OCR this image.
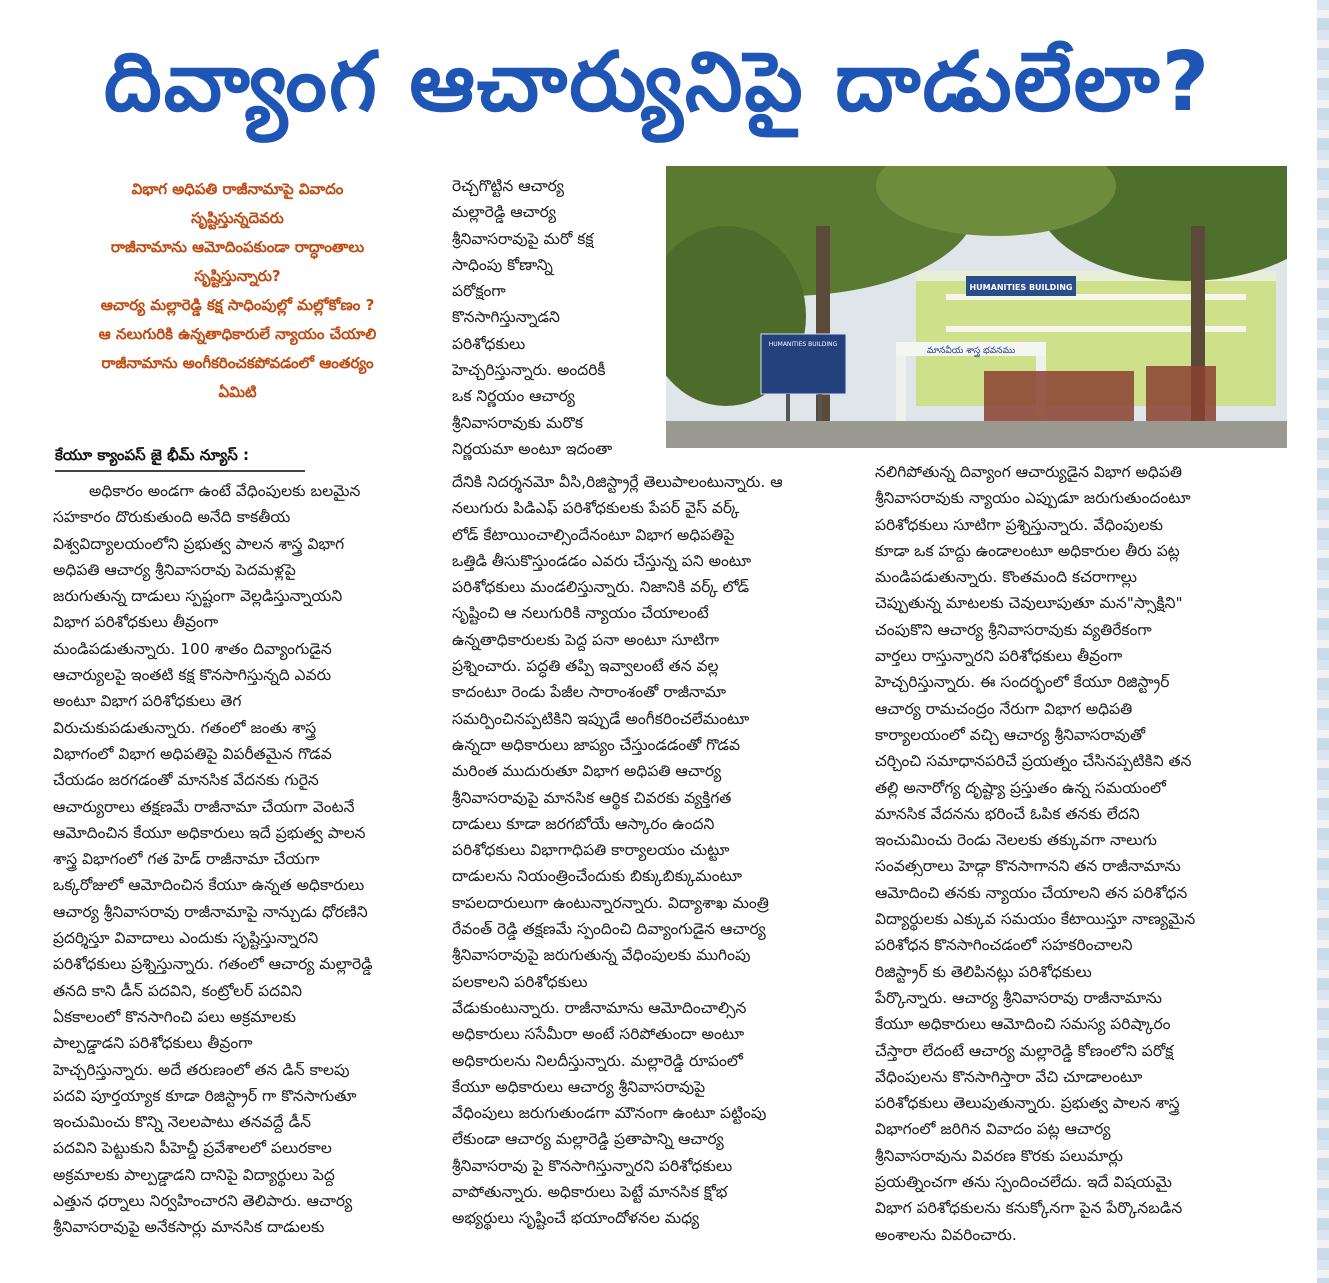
దివ్యాంగ ఆచార్యునిపై దాడులేలా?
విభాగ అధిపతి రాజీనామాపై వివాదం
సృష్టిస్తున్నదెవరు
రాజీనామాను ఆమోదింపకుండా రాద్ధాంతాలు
సృష్టిస్తున్నారు?
ఆచార్య మల్లారెడ్డి కక్ష సాధింపుల్లో మల్లోకోణం ?
ఆ నలుగురికి ఉన్నతాధికారులే న్యాయం చేయాలి
రాజీనామాను అంగీకరించకపోవడంలో ఆంతర్యం
ఏమిటి
కేయూ క్యాంపస్ జై భీమ్ న్యూస్ :
HUMANITIES BUILDING
HUMANITIES BUILDING
మానవీయ శాస్త్ర భవనము
అధికారం అండగా ఉంటే వేధింపులకు బలమైన
సహకారం దొరుకుతుంది అనేది కాకతీయ
విశ్వవిద్యాలయంలోని ప్రభుత్వ పాలన శాస్త్ర విభాగ
అధిపతి ఆచార్య శ్రీనివాసరావు పెదమళ్లపై
జరుగుతున్న దాడులు స్పష్టంగా వెల్లడిస్తున్నాయని
విభాగ పరిశోధకులు తీవ్రంగా
మండిపడుతున్నారు. 100 శాతం దివ్యాంగుడైన
ఆచార్యులపై ఇంతటి కక్ష కొనసాగిస్తున్నది ఎవరు
అంటూ విభాగ పరిశోధకులు తెగ
విరుచుకుపడుతున్నారు. గతంలో జంతు శాస్త్ర
విభాగంలో విభాగ అధిపతిపై విపరీతమైన గొడవ
చేయడం జరగడంతో మానసిక వేదనకు గురైన
ఆచార్యురాలు తక్షణమే రాజీనామా చేయగా వెంటనే
ఆమోదించిన కేయూ అధికారులు ఇదే ప్రభుత్వ పాలన
శాస్త్ర విభాగంలో గత హెడ్ రాజీనామా చేయగా
ఒక్కరోజులో ఆమోదించిన కేయూ ఉన్నత అధికారులు
ఆచార్య శ్రీనివాసరావు రాజీనామాపై నాన్చుడు ధోరణిని
ప్రదర్శిస్తూ వివాదాలు ఎందుకు సృష్టిస్తున్నారని
పరిశోధకులు ప్రశ్నిస్తున్నారు. గతంలో ఆచార్య మల్లారెడ్డి
తనది కాని డీన్ పదవిని, కంట్రోలర్ పదవిని
ఏకకాలంలో కొనసాగించి పలు అక్రమాలకు
పాల్పడ్డాడని పరిశోధకులు తీవ్రంగా
హెచ్చరిస్తున్నారు. అదే తరుణంలో తన డిన్ కాలపు
పదవి పూర్తయ్యాక కూడా రిజిస్ట్రార్ గా కొనసాగుతూ
ఇంచుమించు కొన్ని నెలలపాటు తనవద్దే డీన్
పదవిని పెట్టుకుని పీహెచ్డీ ప్రవేశాలలో పలురకాల
అక్రమాలకు పాల్పడ్డాడని దానిపై విద్యార్థులు పెద్ద
ఎత్తున ధర్నాలు నిర్వహించారని తెలిపారు. ఆచార్య
శ్రీనివాసరావుపై అనేకసార్లు మానసిక దాడులకు
రెచ్చగొట్టిన ఆచార్య
మల్లారెడ్డి ఆచార్య
శ్రీనివాసరావుపై మరో కక్ష
సాధింపు కోణాన్ని
పరోక్షంగా
కొనసాగిస్తున్నాడని
పరిశోధకులు
హెచ్చరిస్తున్నారు. అందరికీ
ఒక నిర్ణయం ఆచార్య
శ్రీనివాసరావుకు మరొక
నిర్ణయమా అంటూ ఇదంతా
దేనికి నిదర్శనమో వీసి,రిజిస్ట్రార్లే తెలుపాలంటున్నారు. ఆ
నలుగురు పిడిఎఫ్ పరిశోధకులకు పేపర్ వైస్ వర్క్
లోడ్ కేటాయించాల్సిందేనంటూ విభాగ అధిపతిపై
ఒత్తిడి తీసుకొస్తుండడం ఎవరు చేస్తున్న పని అంటూ
పరిశోధకులు మండలిస్తున్నారు. నిజానికి వర్క్ లోడ్
సృష్టించి ఆ నలుగురికి న్యాయం చేయాలంటే
ఉన్నతాధికారులకు పెద్ద పనా అంటూ సూటిగా
ప్రశ్నించారు. పద్ధతి తప్పి ఇవ్వాలంటే తన వల్ల
కాదంటూ రెండు పేజీల సారాంశంతో రాజీనామా
సమర్పించినప్పటికిని ఇప్పుడే అంగీకరించలేమంటూ
ఉన్నదా అధికారులు జాప్యం చేస్తుండడంతో గొడవ
మరింత ముదురుతూ విభాగ అధిపతి ఆచార్య
శ్రీనివాసరావుపై మానసిక ఆర్థిక చివరకు వ్యక్తిగత
దాడులు కూడా జరగబోయే ఆస్కారం ఉందని
పరిశోధకులు విభాగాధిపతి కార్యాలయం చుట్టూ
దాడులను నియంత్రించేందుకు బిక్కుబిక్కుమంటూ
కాపలదారులుగా ఉంటున్నారన్నారు. విద్యాశాఖ మంత్రి
రేవంత్ రెడ్డి తక్షణమే స్పందించి దివ్యాంగుడైన ఆచార్య
శ్రీనివాసరావుపై జరుగుతున్న వేధింపులకు ముగింపు
పలకాలని పరిశోధకులు
వేడుకుంటున్నారు. రాజీనామాను ఆమోదించాల్సిన
అధికారులు ససేమీరా అంటే సరిపోతుందా అంటూ
అధికారులను నిలదీస్తున్నారు. మల్లారెడ్డి రూపంలో
కేయూ అధికారులు ఆచార్య శ్రీనివాసరావుపై
వేధింపులు జరుగుతుండగా మౌనంగా ఉంటూ పట్టింపు
లేకుండా ఆచార్య మల్లారెడ్డి ప్రతాపాన్ని ఆచార్య
శ్రీనివాసరావు పై కొనసాగిస్తున్నారని పరిశోధకులు
వాపోతున్నారు. అధికారులు పెట్టే మానసిక క్షోభ
అభ్యర్థులు సృష్టించే భయాందోళనల మధ్య
నలిగిపోతున్న దివ్యాంగ ఆచార్యుడైన విభాగ అధిపతి
శ్రీనివాసరావుకు న్యాయం ఎప్పుడూ జరుగుతుందంటూ
పరిశోధకులు సూటిగా ప్రశ్నిస్తున్నారు. వేధింపులకు
కూడా ఒక హద్దు ఉండాలంటూ అధికారుల తీరు పట్ల
మండిపడుతున్నారు. కొంతమంది కచరాగాల్లు
చెప్పుతున్న మాటలకు చెవులూపుతూ మన"స్సాక్షిని"
చంపుకొని ఆచార్య శ్రీనివాసరావుకు వ్యతిరేకంగా
వార్తలు రాస్తున్నారని పరిశోధకులు తీవ్రంగా
హెచ్చరిస్తున్నారు. ఈ సందర్భంలో కేయూ రిజిస్ట్రార్
ఆచార్య రామచంద్రం నేరుగా విభాగ అధిపతి
కార్యాలయంలో వచ్చి ఆచార్య శ్రీనివాసరావుతో
చర్చించి సమాధానపరిచే ప్రయత్నం చేసినప్పటికిని తన
తల్లి అనారోగ్య దృష్ట్యా ప్రస్తుతం ఉన్న సమయంలో
మానసిక వేదనను భరించే ఓపిక తనకు లేదని
ఇంచుమించు రెండు నెలలకు తక్కువగా నాలుగు
సంవత్సరాలు హెడ్గా కొనసాగానని తన రాజీనామాను
ఆమోదించి తనకు న్యాయం చేయాలని తన పరిశోధన
విద్యార్థులకు ఎక్కువ సమయం కేటాయిస్తూ నాణ్యమైన
పరిశోధన కొనసాగించడంలో సహకరించాలని
రిజిస్ట్రార్ కు తెలిపినట్లు పరిశోధకులు
పేర్కొన్నారు. ఆచార్య శ్రీనివాసరావు రాజీనామాను
కేయూ అధికారులు ఆమోదించి సమస్య పరిష్కారం
చేస్తారా లేదంటే ఆచార్య మల్లారెడ్డి కోణంలోని పరోక్ష
వేధింపులను కొనసాగిస్తారా వేచి చూడాలంటూ
పరిశోధకులు తెలుపుతున్నారు. ప్రభుత్వ పాలన శాస్త్ర
విభాగంలో జరిగిన వివాదం పట్ల ఆచార్య
శ్రీనివాసరావును వివరణ కొరకు పలుమార్లు
ప్రయత్నించగా తను స్పందించలేదు. ఇదే విషయమై
విభాగ పరిశోధకులను కనుక్కోనగా పైన పేర్కొనబడిన
అంశాలను వివరించారు.
